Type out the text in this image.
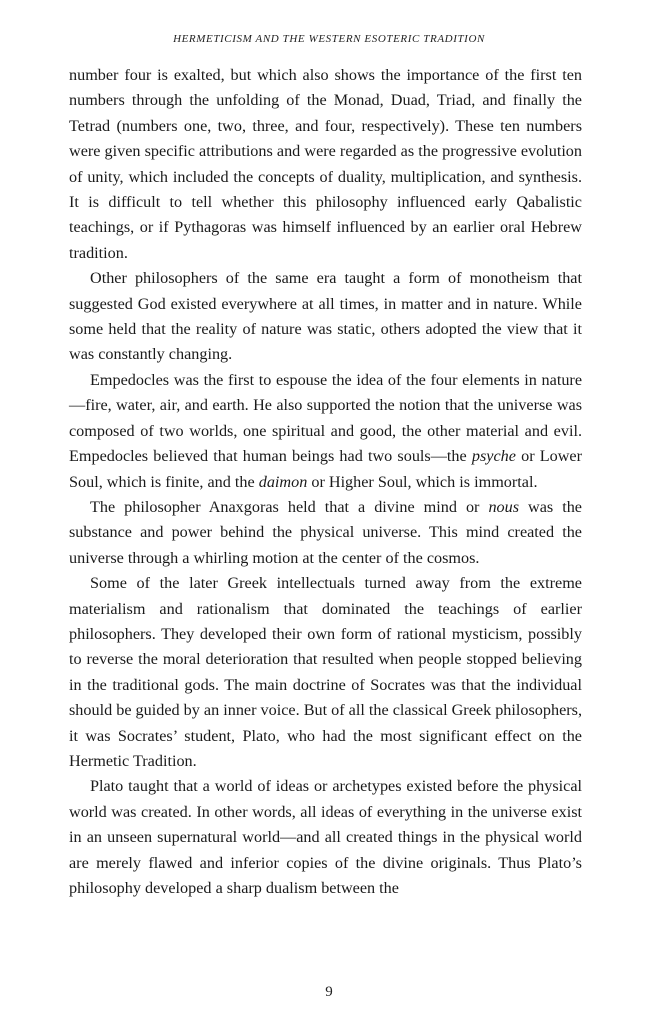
HERMETICISM AND THE WESTERN ESOTERIC TRADITION

number four is exalted, but which also shows the importance of the first ten numbers through the unfolding of the Monad, Duad, Triad, and finally the Tetrad (numbers one, two, three, and four, respectively). These ten numbers were given specific attributions and were regarded as the progressive evolution of unity, which included the concepts of duality, multiplication, and synthesis. It is difficult to tell whether this philosophy influenced early Qabalistic teachings, or if Pythagoras was himself influenced by an earlier oral Hebrew tradition.

Other philosophers of the same era taught a form of monotheism that suggested God existed everywhere at all times, in matter and in nature. While some held that the reality of nature was static, others adopted the view that it was constantly changing.

Empedocles was the first to espouse the idea of the four elements in nature—fire, water, air, and earth. He also supported the notion that the universe was composed of two worlds, one spiritual and good, the other material and evil. Empedocles believed that human beings had two souls—the psyche or Lower Soul, which is finite, and the daimon or Higher Soul, which is immortal.

The philosopher Anaxgoras held that a divine mind or nous was the substance and power behind the physical universe. This mind created the universe through a whirling motion at the center of the cosmos.

Some of the later Greek intellectuals turned away from the extreme materialism and rationalism that dominated the teachings of earlier philosophers. They developed their own form of rational mysticism, possibly to reverse the moral deterioration that resulted when people stopped believing in the traditional gods. The main doctrine of Socrates was that the individual should be guided by an inner voice. But of all the classical Greek philosophers, it was Socrates’ student, Plato, who had the most significant effect on the Hermetic Tradition.

Plato taught that a world of ideas or archetypes existed before the physical world was created. In other words, all ideas of everything in the universe exist in an unseen supernatural world—and all created things in the physical world are merely flawed and inferior copies of the divine originals. Thus Plato’s philosophy developed a sharp dualism between the

9
